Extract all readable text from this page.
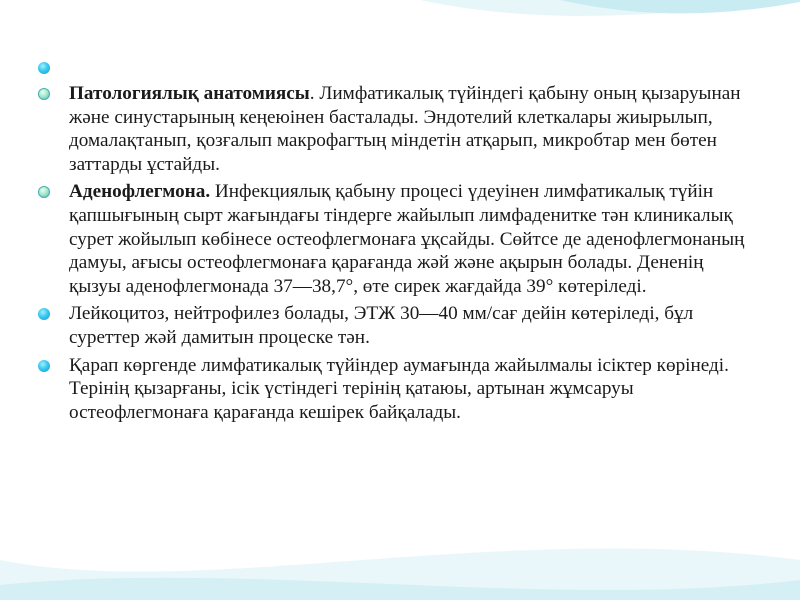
Патологиялық анатомиясы. Лимфатикалық түйіндегі қабыну оның қызаруынан және синустарының кеңеюінен басталады. Эндотелий клеткалары жиырылып, домалақтанып, қозғалып макрофагтың міндетін атқарып, микробтар мен бөтен заттарды ұстайды.
Аденофлегмона. Инфекциялық қабыну процесі үдеуінен лимфатикалық түйін қапшығының сырт жағындағы тіндерге жайылып лимфаденитке тән клиникалық сурет жойылып көбінесе остеофлегмонаға ұқсайды. Сөйтсе де аденофлегмонаның дамуы, ағысы остеофлегмонаға қарағанда жәй және ақырын болады. Дененің қызуы аденофлегмонада 37—38,7°, өте сирек жағдайда 39° көтеріледі.
Лейкоцитоз, нейтрофилез болады, ЭТЖ 30—40 мм/сағ дейін көтеріледі, бұл суреттер жәй дамитын процеске тән.
Қарап көргенде лимфатикалық түйіндер аумағында жайылмалы ісіктер көрінеді. Терінің қызарғаны, ісік үстіндегі терінің қатаюы, артынан жұмсаруы остеофлегмонаға қарағанда кешірек байқалады.
